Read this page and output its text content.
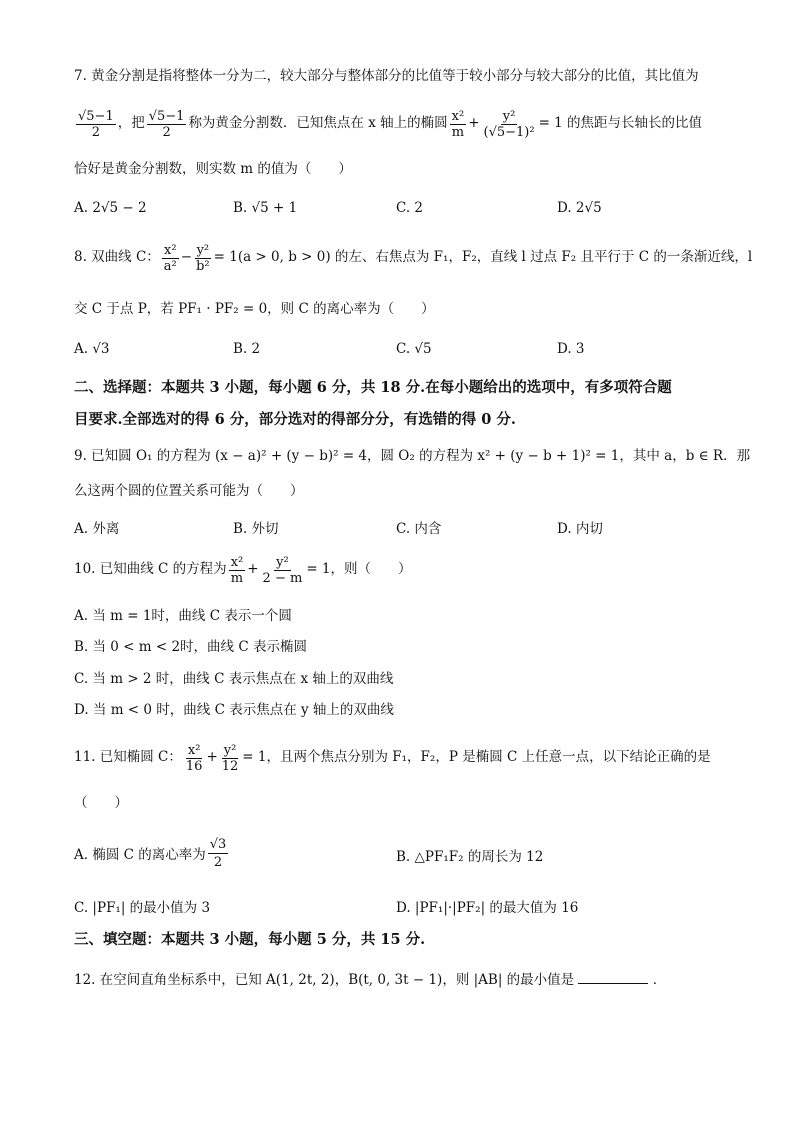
7. 黄金分割是指将整体一分为二，较大部分与整体部分的比值等于较小部分与较大部分的比值，其比值为
$\frac{√5-1}{2}$ ，把 $\frac{√5-1}{2}$ 称为黄金分割数．已知焦点在 x 轴上的椭圆 $\frac{\text{x²}}{m} + \frac{\text{y²}}{\text{(√5−1)²}} = 1$ 的焦距与长轴长的比值
恰好是黄金分割数，则实数 m 的值为（　　）
A. 2√5 − 2	B. √5 + 1	C. 2	D. 2√5
8. 双曲线 C： $\frac{\text{x²}}{\text{a²}} - \frac{\text{y²}}{\text{b²}} = 1(a > 0$, b > 0) 的左、右焦点为 F₁，F₂，直线 l 过点 F₂ 且平行于 C 的一条渐近线，l
交 C 于点 P，若 PF₁ · PF₂ = 0，则 C 的离心率为（　　）
A. √3	B. 2	C. √5	D. 3
二、选择题：本题共 3 小题，每小题 6 分，共 18 分.在每小题给出的选项中，有多项符合题
目要求.全部选对的得 6 分，部分选对的得部分分，有选错的得 0 分.
9. 已知圆 O₁ 的方程为 (x − a)² + (y − b)² = 4，圆 O₂ 的方程为 x² + (y − b + 1)² = 1，其中 a，b ∈ R．那
么这两个圆的位置关系可能为（　　）
A. 外离	B. 外切	C. 内含	D. 内切
10. 已知曲线 C 的方程为 $\frac{\text{x²}}{m} + \frac{\text{y²}}{2 - m} = 1$，则（　　）
A. 当 m = 1时，曲线 C 表示一个圆
B. 当 0 < m < 2时，曲线 C 表示椭圆
C. 当 m > 2 时，曲线 C 表示焦点在 x 轴上的双曲线
D. 当 m < 0 时，曲线 C 表示焦点在 y 轴上的双曲线
11. 已知椭圆 C： $\frac{\text{x²}}{16} + \frac{\text{y²}}{12} = 1$，且两个焦点分别为 F₁，F₂，P 是椭圆 C 上任意一点，以下结论正确的是
（　　）
A. 椭圆 C 的离心率为 $\frac{√3}{2}$	B. △PF₁F₂ 的周长为 12
C. |PF₁| 的最小值为 3	D. |PF₁|·|PF₂| 的最大值为 16
三、填空题：本题共 3 小题，每小题 5 分，共 15 分.
12. 在空间直角坐标系中，已知 A(1, 2t, 2)，B(t, 0, 3t − 1)，则 |AB| 的最小值是	．
